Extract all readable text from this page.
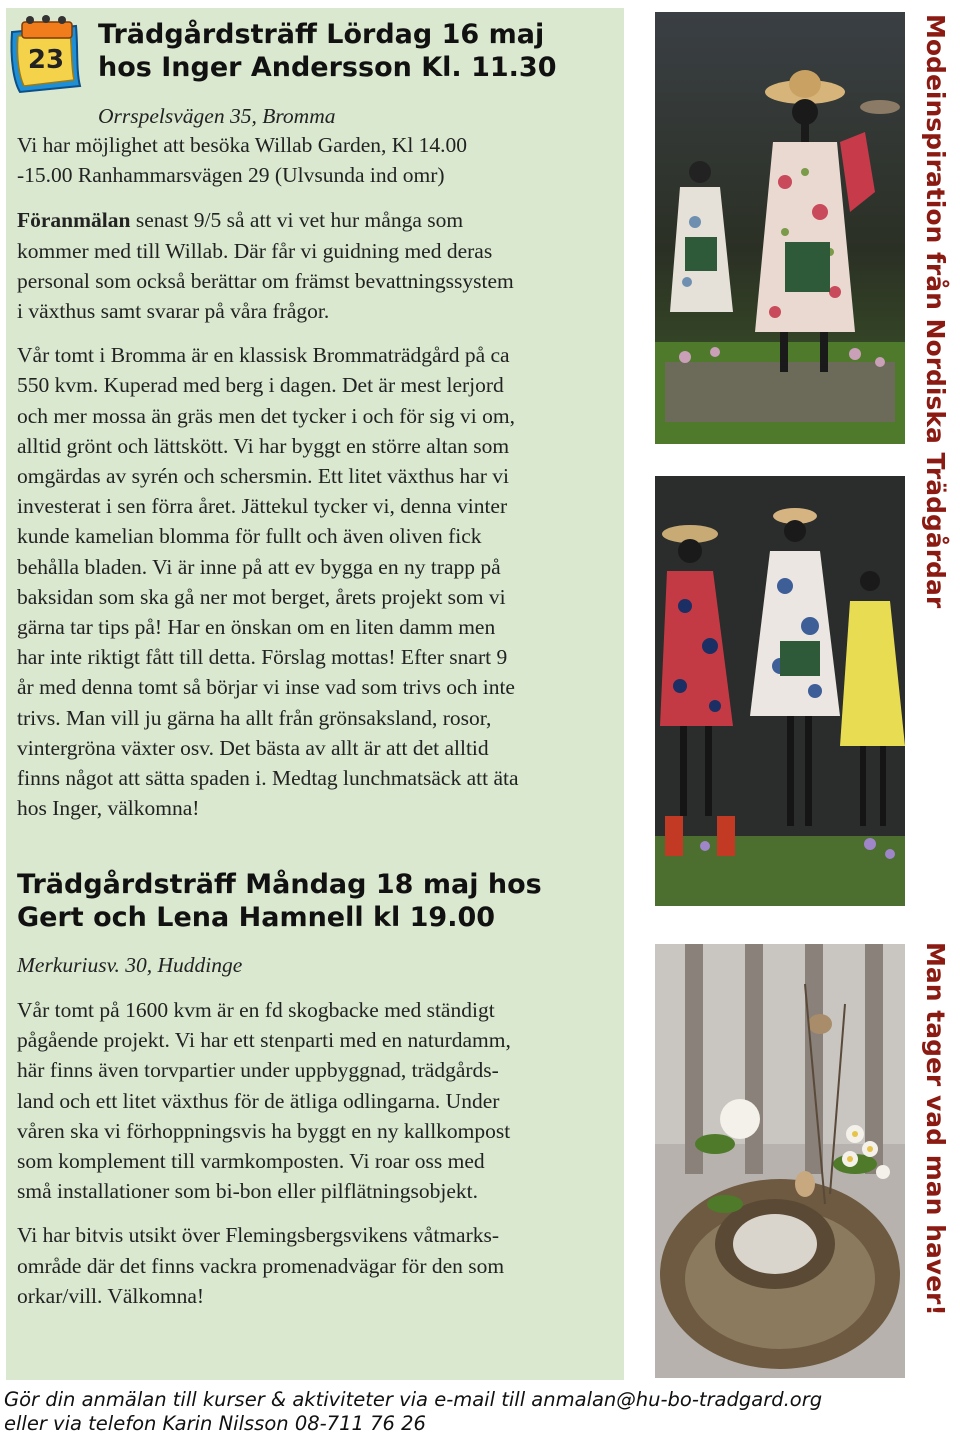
23
Trädgårdsträff Lördag 16 maj
hos Inger Andersson Kl. 11.30
Orrspelsvägen 35, Bromma
Vi har möjlighet att besöka Willab Garden, Kl 14.00
-15.00 Ranhammarsvägen 29 (Ulvsunda ind omr)
Föranmälan senast 9/5 så att vi vet hur många som
kommer med till Willab. Där får vi guidning med deras
personal som också berättar om främst bevattningssystem
i växthus samt svarar på våra frågor.
Vår tomt i Bromma är en klassisk Brommaträdgård på ca
550 kvm. Kuperad med berg i dagen. Det är mest lerjord
och mer mossa än gräs men det tycker i och för sig vi om,
alltid grönt och lättskött. Vi har byggt en större altan som
omgärdas av syrén och schersmin. Ett litet växthus har vi
investerat i sen förra året. Jättekul tycker vi, denna vinter
kunde kamelian blomma för fullt och även oliven fick
behålla bladen. Vi är inne på att ev bygga en ny trapp på
baksidan som ska gå ner mot berget, årets projekt som vi
gärna tar tips på! Har en önskan om en liten damm men
har inte riktigt fått till detta. Förslag mottas! Efter snart 9
år med denna tomt så börjar vi inse vad som trivs och inte
trivs. Man vill ju gärna ha allt från grönsaksland, rosor,
vintergröna växter osv. Det bästa av allt är att det alltid
finns något att sätta spaden i. Medtag lunchmatsäck att äta
hos Inger, välkomna!
Trädgårdsträff Måndag 18 maj hos
Gert och Lena Hamnell kl 19.00
Merkuriusv. 30, Huddinge
Vår tomt på 1600 kvm är en fd skogbacke med ständigt
pågående projekt. Vi har ett stenparti med en naturdamm,
här finns även torvpartier under uppbyggnad, trädgårds-
land och ett litet växthus för de ätliga odlingarna. Under
våren ska vi förhoppningsvis ha byggt en ny kallkompost
som komplement till varmkomposten. Vi roar oss med
små installationer som bi-bon eller pilflätningsobjekt.
Vi har bitvis utsikt över Flemingsbergsvikens våtmarks-
område där det finns vackra promenadvägar för den som
orkar/vill. Välkomna!
Modeinspiration från Nordiska Trädgårdar
Man tager vad man haver!
Gör din anmälan till kurser & aktiviteter via e-mail till anmalan@hu-bo-tradgard.org
eller via telefon Karin Nilsson 08-711 76 26
